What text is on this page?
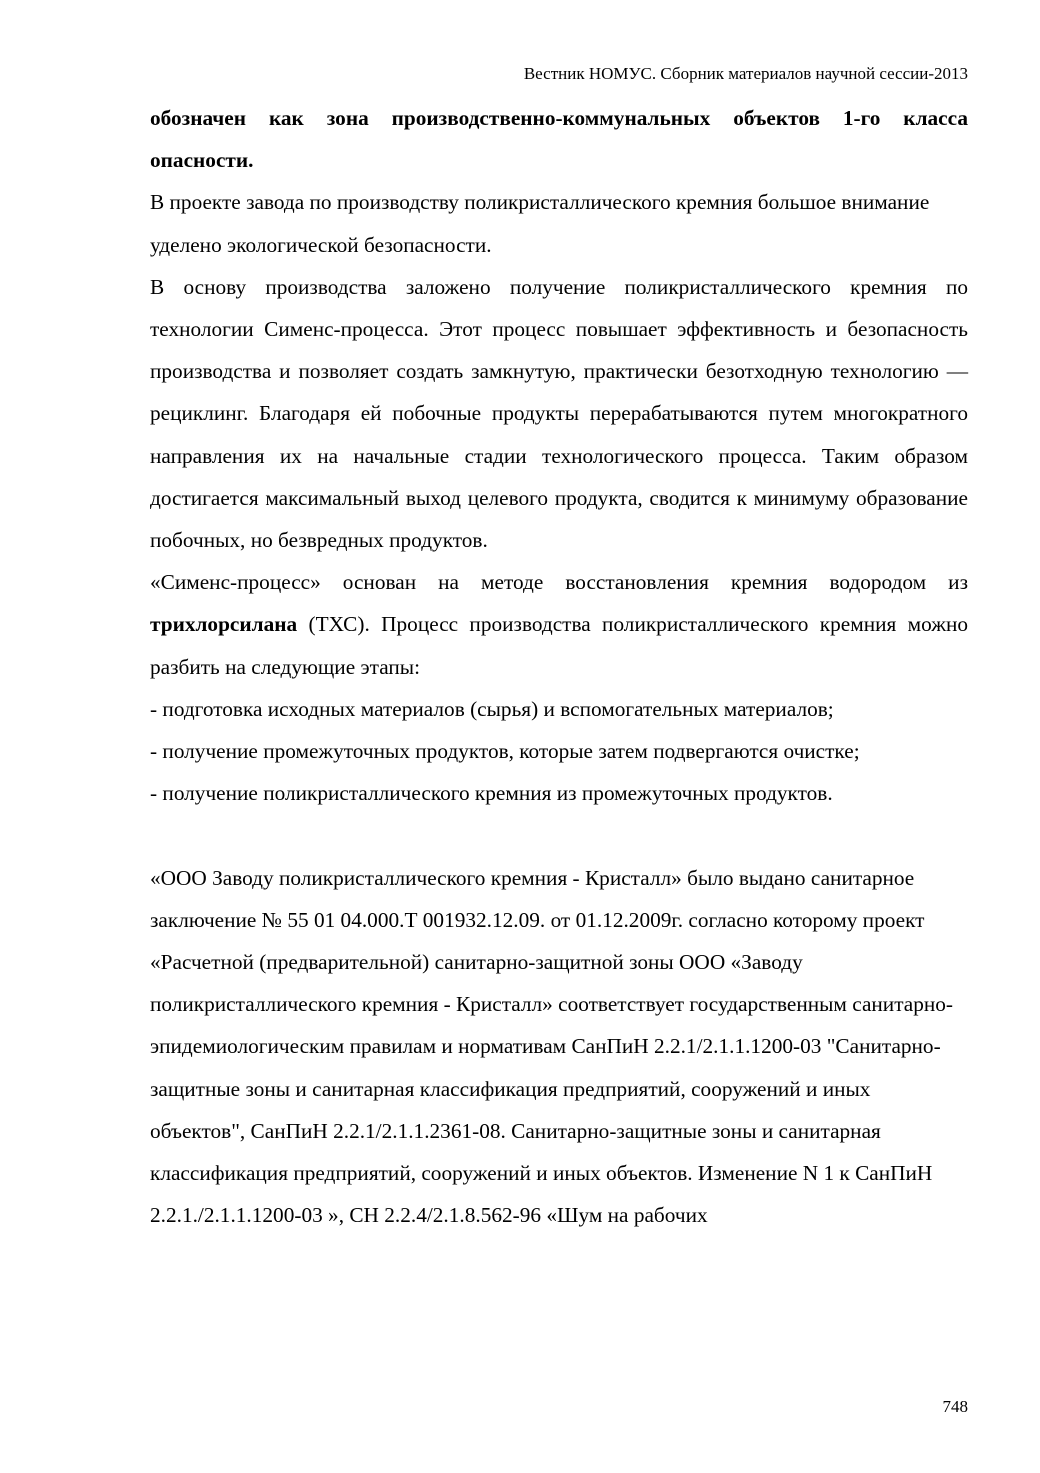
Вестник НОМУС. Сборник материалов научной сессии-2013

обозначен как зона производственно-коммунальных объектов 1-го класса опасности.

В проекте завода по производству поликристаллического кремния большое внимание уделено экологической безопасности.

В основу производства заложено получение поликристаллического кремния по технологии Сименс-процесса. Этот процесс повышает эффективность и безопасность производства и позволяет создать замкнутую, практически безотходную технологию — рециклинг. Благодаря ей побочные продукты перерабатываются путем многократного направления их на начальные стадии технологического процесса. Таким образом достигается максимальный выход целевого продукта, сводится к минимуму образование побочных, но безвредных продуктов.

«Сименс-процесс» основан на методе восстановления кремния водородом из трихлорсилана (ТХС). Процесс производства поликристаллического кремния можно разбить на следующие этапы:

- подготовка исходных материалов (сырья) и вспомогательных материалов;

- получение промежуточных продуктов, которые затем подвергаются очистке;

- получение поликристаллического кремния из промежуточных продуктов.

«ООО Заводу поликристаллического кремния - Кристалл» было выдано санитарное заключение № 55 01 04.000.Т 001932.12.09. от 01.12.2009г. согласно которому проект «Расчетной (предварительной) санитарно-защитной зоны ООО «Заводу поликристаллического кремния - Кристалл» соответствует государственным санитарно-эпидемиологическим правилам и нормативам СанПиН 2.2.1/2.1.1.1200-03 "Санитарно-защитные зоны и санитарная классификация предприятий, сооружений и иных объектов", СанПиН 2.2.1/2.1.1.2361-08. Санитарно-защитные зоны и санитарная классификация предприятий, сооружений и иных объектов. Изменение N 1 к СанПиН 2.2.1./2.1.1.1200-03 », СН 2.2.4/2.1.8.562-96 «Шум на рабочих

748
